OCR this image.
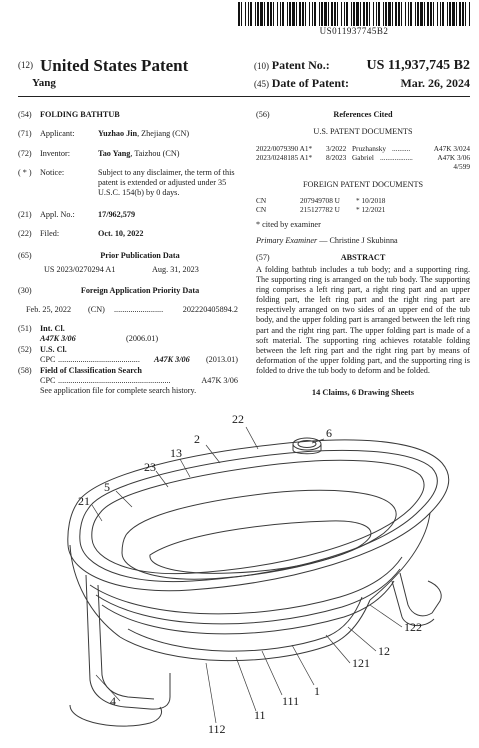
US011937745B2
(12) United States Patent
Yang
(10) Patent No.:	US 11,937,745 B2
(45) Date of Patent:	Mar. 26, 2024
(54) FOLDING BATHTUB
(71) Applicant:	Yuzhao Jin, Zhejiang (CN)
(72) Inventor:	Tao Yang, Taizhou (CN)
( * ) Notice:	Subject to any disclaimer, the term of this patent is extended or adjusted under 35 U.S.C. 154(b) by 0 days.
(21) Appl. No.:	17/962,579
(22) Filed:	Oct. 10, 2022
(65)	Prior Publication Data
US 2023/0270294 A1	Aug. 31, 2023
(30)	Foreign Application Priority Data
Feb. 25, 2022 (CN) ........................ 202220405894.2
(51) Int. Cl.
A47K 3/06	(2006.01)
(52) U.S. Cl.
CPC ........................................	A47K 3/06 (2013.01)
(58) Field of Classification Search
CPC .......................................................	A47K 3/06
See application file for complete search history.
(56)	References Cited
U.S. PATENT DOCUMENTS
2022/0079390 A1* 3/2022 Pruzhansky ..........	A47K 3/024
2023/0248185 A1* 8/2023 Gabriel ..................	A47K 3/06
4/599
FOREIGN PATENT DOCUMENTS
CN	207949708 U * 10/2018
CN	215127782 U * 12/2021
* cited by examiner
Primary Examiner — Christine J Skubinna
(57)	ABSTRACT
A folding bathtub includes a tub body; and a supporting ring. The supporting ring is arranged on the tub body. The supporting ring comprises a left ring part, a right ring part and an upper folding part, the left ring part and the right ring part are respectively arranged on two sides of an upper end of the tub body, and the upper folding part is arranged between the left ring part and the right ring part. The upper folding part is made of a soft material. The supporting ring achieves rotatable folding between the left ring part and the right ring part by means of deformation of the upper folding part, and the supporting ring is folded to drive the tub body to deform and be folded.
14 Claims, 6 Drawing Sheets
6
22
2
13
23
5
21
122
12
121
1
111
11
4
112
